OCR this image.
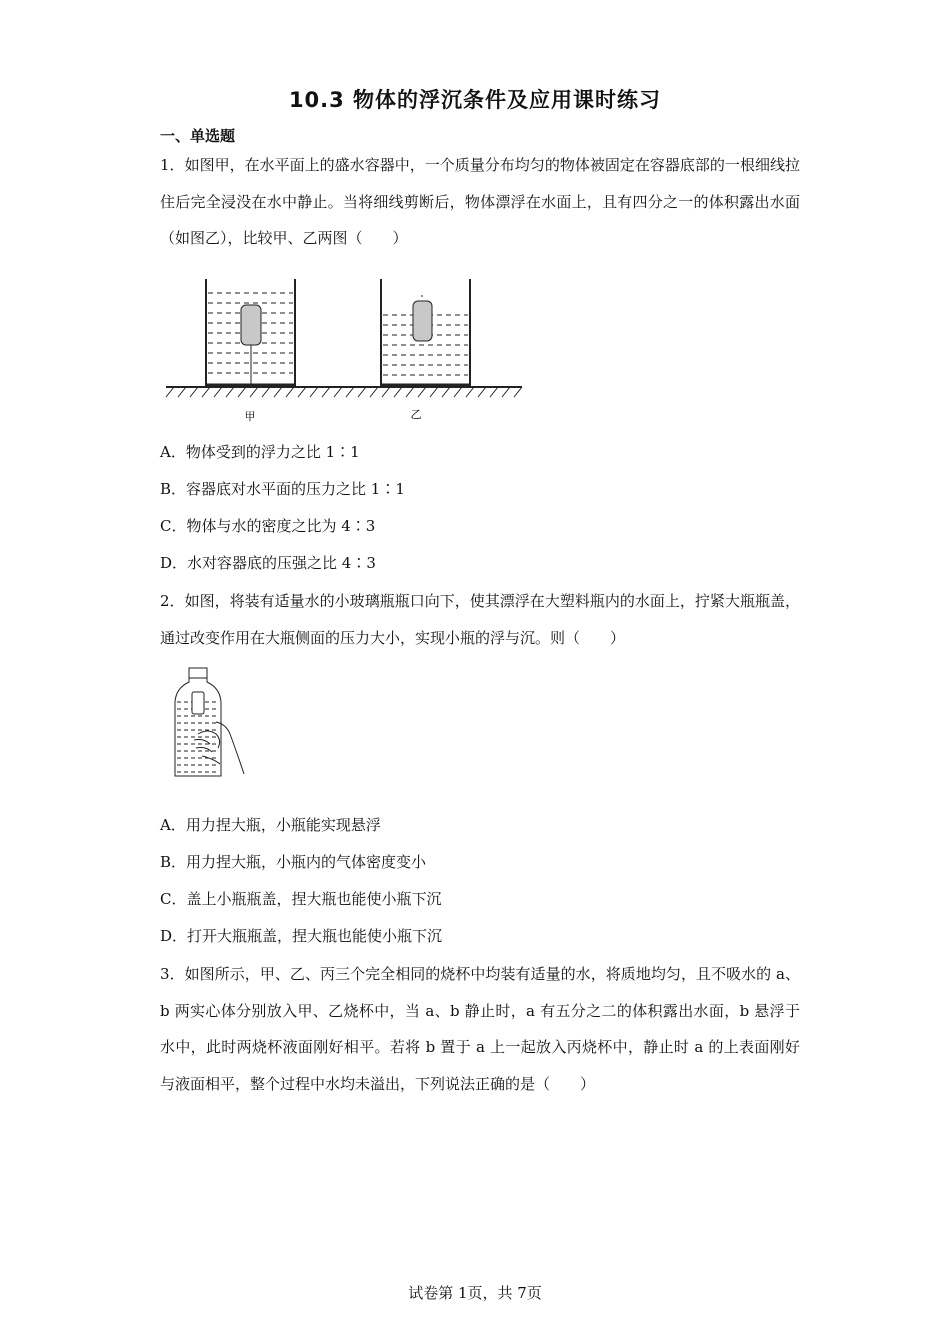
10.3 物体的浮沉条件及应用课时练习
一、单选题
1．如图甲，在水平面上的盛水容器中，一个质量分布均匀的物体被固定在容器底部的一根细线拉住后完全浸没在水中静止。当将细线剪断后，物体漂浮在水面上，且有四分之一的体积露出水面（如图乙），比较甲、乙两图（　　）
甲	乙
A．物体受到的浮力之比 1∶1
B．容器底对水平面的压力之比 1∶1
C．物体与水的密度之比为 4∶3
D．水对容器底的压强之比 4∶3
2．如图，将装有适量水的小玻璃瓶瓶口向下，使其漂浮在大塑料瓶内的水面上，拧紧大瓶瓶盖，通过改变作用在大瓶侧面的压力大小，实现小瓶的浮与沉。则（　　）
A．用力捏大瓶，小瓶能实现悬浮
B．用力捏大瓶，小瓶内的气体密度变小
C．盖上小瓶瓶盖，捏大瓶也能使小瓶下沉
D．打开大瓶瓶盖，捏大瓶也能使小瓶下沉
3．如图所示，甲、乙、丙三个完全相同的烧杯中均装有适量的水，将质地均匀，且不吸水的 a、b 两实心体分别放入甲、乙烧杯中，当 a、b 静止时，a 有五分之二的体积露出水面，b 悬浮于水中，此时两烧杯液面刚好相平。若将 b 置于 a 上一起放入丙烧杯中，静止时 a 的上表面刚好与液面相平，整个过程中水均未溢出，下列说法正确的是（　　）
试卷第 1页，共 7页
